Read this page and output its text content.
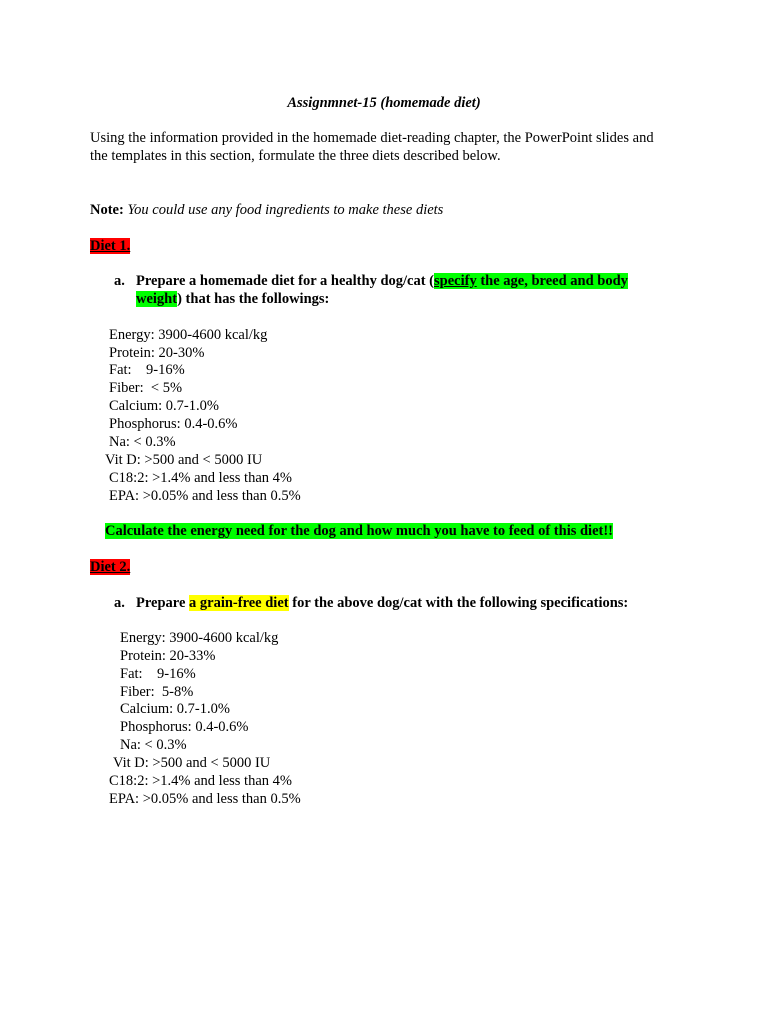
Assignmnet-15 (homemade diet)
Using the information provided in the homemade diet-reading chapter, the PowerPoint slides and
the templates in this section, formulate the three diets described below.
Note: You could use any food ingredients to make these diets
Diet 1.
a. Prepare a homemade diet for a healthy dog/cat (specify the age, breed and body
weight) that has the followings:
Energy: 3900-4600 kcal/kg
Protein: 20-30%
Fat:    9-16%
Fiber:  < 5%
Calcium: 0.7-1.0%
Phosphorus: 0.4-0.6%
Na: < 0.3%
Vit D: >500 and < 5000 IU
C18:2: >1.4% and less than 4%
EPA: >0.05% and less than 0.5%
Calculate the energy need for the dog and how much you have to feed of this diet!!
Diet 2.
a. Prepare a grain-free diet for the above dog/cat with the following specifications:
Energy: 3900-4600 kcal/kg
Protein: 20-33%
Fat:    9-16%
Fiber:  5-8%
Calcium: 0.7-1.0%
Phosphorus: 0.4-0.6%
Na: < 0.3%
Vit D: >500 and < 5000 IU
C18:2: >1.4% and less than 4%
EPA: >0.05% and less than 0.5%
